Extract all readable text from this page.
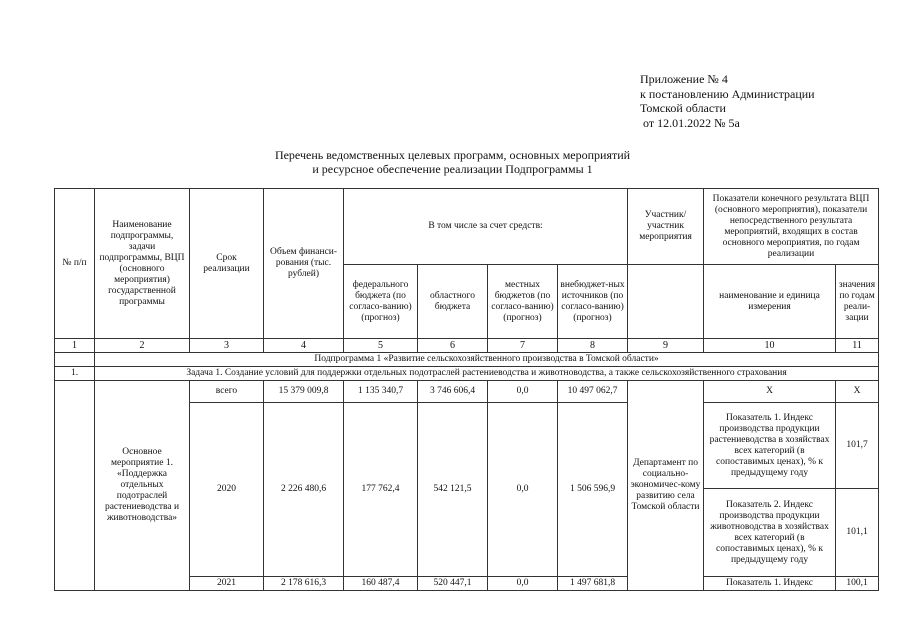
Приложение № 4
к постановлению Администрации
Томской области
от 12.01.2022 № 5а
Перечень ведомственных целевых программ, основных мероприятий
и ресурсное обеспечение реализации Подпрограммы 1
№ п/п	Наименование подпрограммы, задачи подпрограммы, ВЦП (основного мероприятия) государственной программы	Срок реализации	Объем финанси-рования (тыс. рублей)	В том числе за счет средств:				Участник/ участник мероприятия	Показатели конечного результата ВЦП (основного мероприятия), показатели непосредственного результата мероприятий, входящих в состав основного мероприятия, по годам реализации	
				федерального бюджета (по согласо-ванию) (прогноз)	областного бюджета	местных бюджетов (по согласо-ванию) (прогноз)	внебюджет-ных источников (по согласо-ванию) (прогноз)		наименование и единица измерения	значения по годам реали-зации
1	2	3	4	5	6	7	8	9	10	11
	Подпрограмма 1 «Развитие сельскохозяйственного производства в Томской области»									
1.	Задача 1. Создание условий для поддержки отдельных подотраслей растениеводства и животноводства, а также сельскохозяйственного страхования									
	Основное мероприятие 1. «Поддержка отдельных подотраслей растениеводства и животноводства»	всего	15 379 009,8	1 135 340,7	3 746 606,4	0,0	10 497 062,7	Департамент по социально-экономичес-кому развитию села Томской области	Х	Х
		2020	2 226 480,6	177 762,4	542 121,5	0,0	1 506 596,9		Показатель 1. Индекс производства продукции растениеводства в хозяйствах всех категорий (в сопоставимых ценах), % к предыдущему году	101,7
									Показатель 2. Индекс производства продукции животноводства в хозяйствах всех категорий (в сопоставимых ценах), % к предыдущему году	101,1
		2021	2 178 616,3	160 487,4	520 447,1	0,0	1 497 681,8		Показатель 1. Индекс	100,1
